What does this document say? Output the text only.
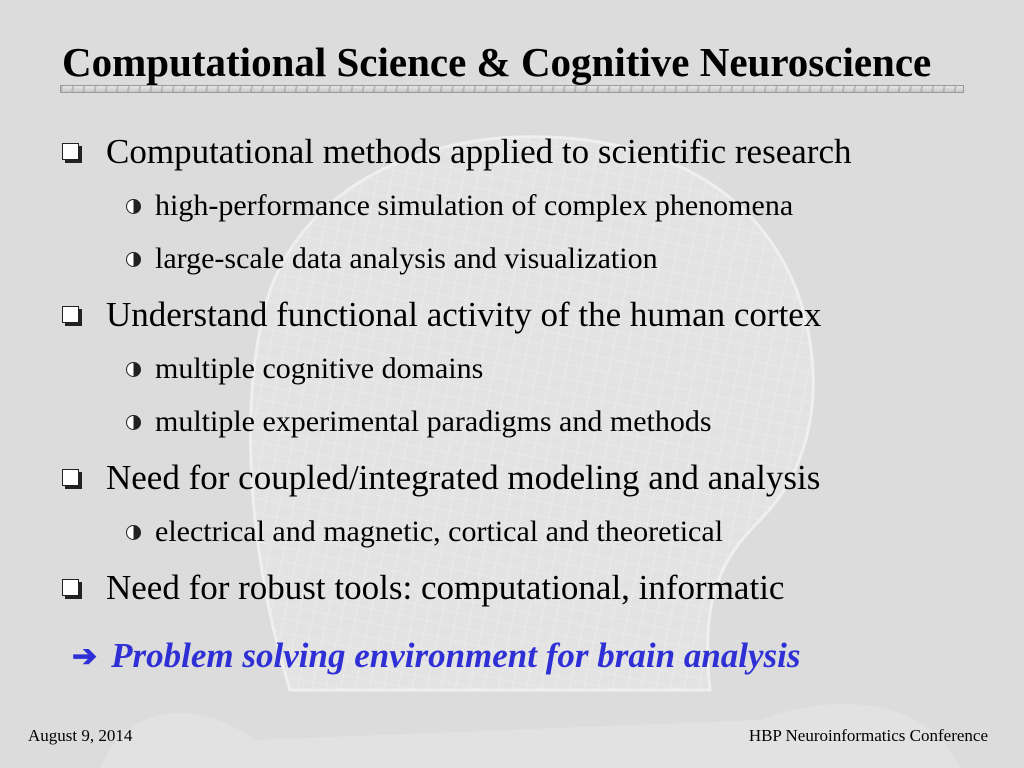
Computational Science & Cognitive Neuroscience
Computational methods applied to scientific research
high-performance simulation of complex phenomena
large-scale data analysis and visualization
Understand functional activity of the human cortex
multiple cognitive domains
multiple experimental paradigms and methods
Need for coupled/integrated modeling and analysis
electrical and magnetic, cortical and theoretical
Need for robust tools: computational, informatic
➔ Problem solving environment for brain analysis
August 9, 2014	HBP Neuroinformatics Conference
